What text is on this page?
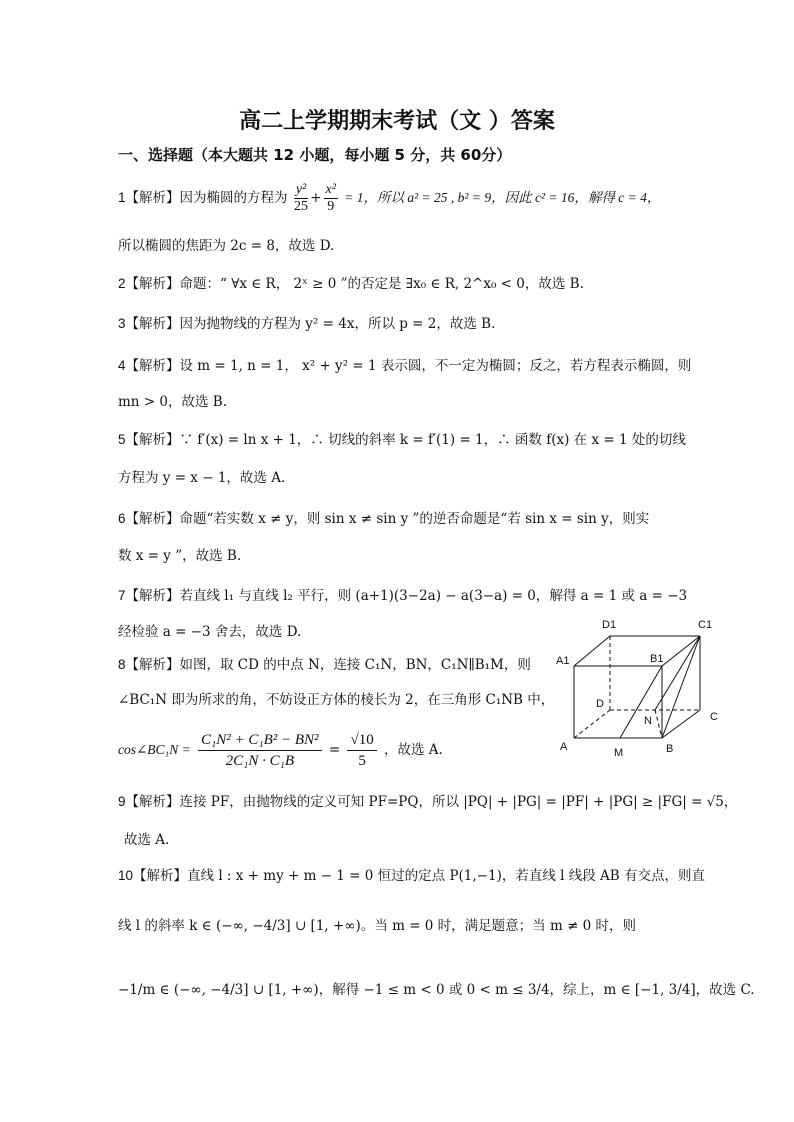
高二上学期期末考试（文 ）答案
一、选择题（本大题共 12 小题，每小题 5 分，共 60分）
1【解析】因为椭圆的方程为 $\frac{\text{y²}}{25} + \frac{\text{x²}}{9} = 1$，所以 a² = 25 , b² = 9，因此 c² = 16，解得 c = 4，
所以椭圆的焦距为 2c = 8，故选 D.
2【解析】命题：“ ∀x ∈ R， 2ˣ ≥ 0 ”的否定是 ∃x₀ ∈ R, 2^x₀ < 0，故选 B.
3【解析】因为抛物线的方程为 y² = 4x，所以 p = 2，故选 B.
4【解析】设 m = 1, n = 1， x² + y² = 1 表示圆，不一定为椭圆；反之，若方程表示椭圆，则
mn > 0，故选 B.
5【解析】∵ f′(x) = ln x + 1，∴ 切线的斜率 k = f′(1) = 1，∴ 函数 f(x) 在 x = 1 处的切线
方程为 y = x − 1，故选 A.
6【解析】命题“若实数 x ≠ y，则 sin x ≠ sin y ”的逆否命题是“若 sin x = sin y，则实
数 x = y ”，故选 B.
7【解析】若直线 l₁ 与直线 l₂ 平行，则 (a+1)(3−2a) − a(3−a) = 0，解得 a = 1 或 a = −3
经检验 a = −3 舍去，故选 D.
8【解析】如图，取 CD 的中点 N，连接 C₁N，BN，C₁N∥B₁M，则
∠BC₁N 即为所求的角，不妨设正方体的棱长为 2，在三角形 C₁NB 中，
cos∠BC₁N = $\frac{\text{C₁N² + C₁B² − BN²}}{\text{2C₁N · C₁B}} = \frac{√10}{5}$ ，故选 A.
D1	C1
A1	B1
D
N	C
A	M	B
9【解析】连接 PF，由抛物线的定义可知 PF=PQ，所以 |PQ| + |PG| = |PF| + |PG| ≥ |FG| = √5，
故选 A.
10【解析】直线 l : x + my + m − 1 = 0 恒过的定点 P(1,−1)，若直线 l 线段 AB 有交点，则直
线 l 的斜率 k ∈ (−∞, −4/3] ∪ [1, +∞)。当 m = 0 时，满足题意；当 m ≠ 0 时，则
−1/m ∈ (−∞, −4/3] ∪ [1, +∞)，解得 −1 ≤ m < 0 或 0 < m ≤ 3/4，综上，m ∈ [−1, 3/4]，故选 C.
